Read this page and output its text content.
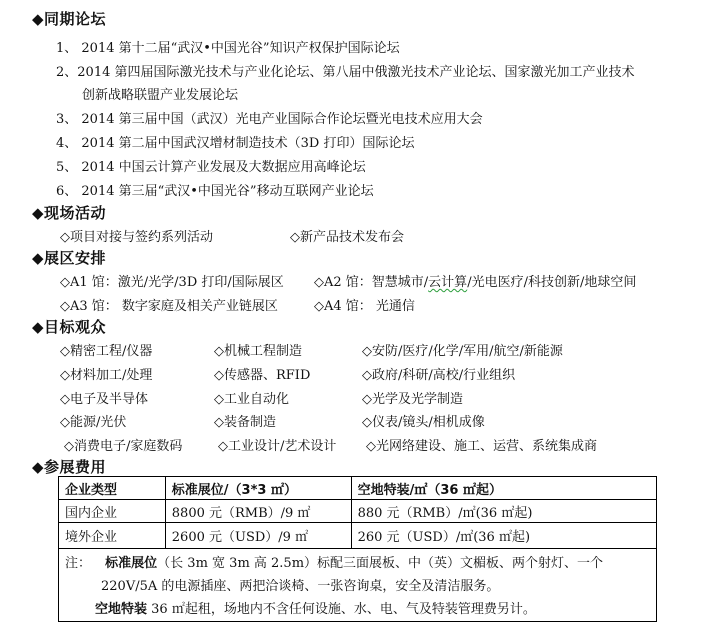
◆同期论坛
1、 2014 第十二届“武汉•中国光谷”知识产权保护国际论坛
2、2014 第四届国际激光技术与产业化论坛、第八届中俄激光技术产业论坛、国家激光加工产业技术
创新战略联盟产业发展论坛
3、 2014 第三届中国（武汉）光电产业国际合作论坛暨光电技术应用大会
4、 2014 第二届中国武汉增材制造技术（3D 打印）国际论坛
5、 2014 中国云计算产业发展及大数据应用高峰论坛
6、 2014 第三届“武汉•中国光谷”移动互联网产业论坛
◆现场活动
◇项目对接与签约系列活动	◇新产品技术发布会
◆展区安排
◇A1 馆：激光/光学/3D 打印/国际展区 ◇A2 馆：智慧城市/云计算/光电医疗/科技创新/地球空间
◇A3 馆： 数字家庭及相关产业链展区	◇A4 馆： 光通信
◆目标观众
◇精密工程/仪器	◇机械工程制造	◇安防/医疗/化学/军用/航空/新能源
◇材料加工/处理	◇传感器、RFID	◇政府/科研/高校/行业组织
◇电子及半导体	◇工业自动化	◇光学及光学制造
◇能源/光伏	◇装备制造	◇仪表/镜头/相机成像
◇消费电子/家庭数码	◇工业设计/艺术设计 ◇光网络建设、施工、运营、系统集成商
◆参展费用
企业类型	标准展位/（3*3 ㎡）	空地特装/㎡（36 ㎡起）
国内企业	8800 元（RMB）/9 ㎡	880 元（RMB）/㎡(36 ㎡起)
境外企业	2600 元（USD）/9 ㎡	260 元（USD）/㎡(36 ㎡起)

注： 标准展位（长 3m 宽 3m 高 2.5m）标配三面展板、中（英）文楣板、两个射灯、一个
220V/5A 的电源插座、两把洽谈椅、一张咨询桌，安全及清洁服务。
空地特装 36 ㎡起租，场地内不含任何设施、水、电、气及特装管理费另计。		
